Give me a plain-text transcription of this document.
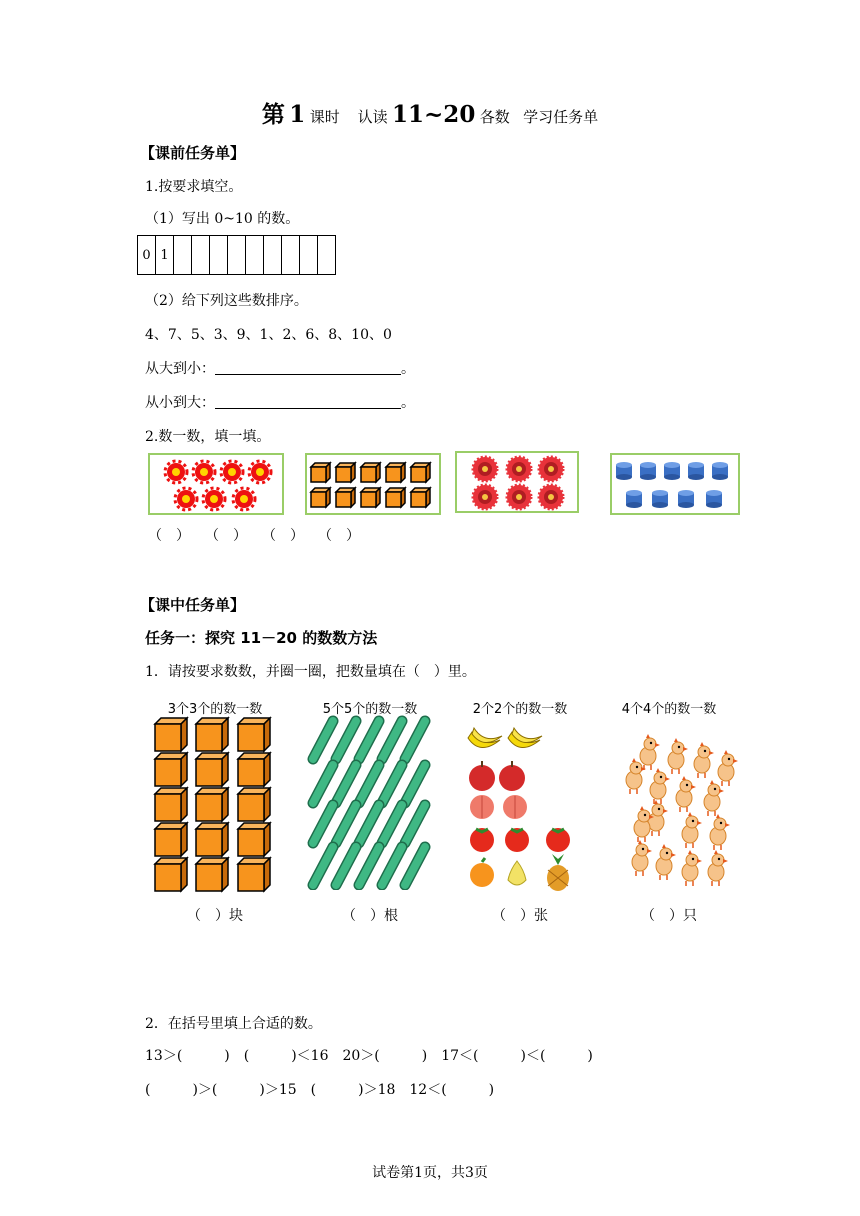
第 1 课时 认读 11~20 各数 学习任务单
【课前任务单】
1.按要求填空。
（1）写出 0~10 的数。
0	1									
（2）给下列这些数排序。
4、7、5、3、9、1、2、6、8、10、0
从大到小：	。
从小到大：	。
2.数一数，填一填。
（　） （　） （　） （　）
【课中任务单】
任务一：探究 11－20 的数数方法
1．请按要求数数，并圈一圈，把数量填在（　）里。
3个3个的数一数	5个5个的数一数	2个2个的数一数	4个4个的数一数
（　）块	（　）根	（　）张	（　）只
2．在括号里填上合适的数。
13＞(　　　)　(　　　)＜16　20＞(　　　)　17＜(　　　)＜(　　　)
(　　　)＞(　　　)＞15　(　　　)＞18　12＜(　　　)
试卷第1页，共3页
